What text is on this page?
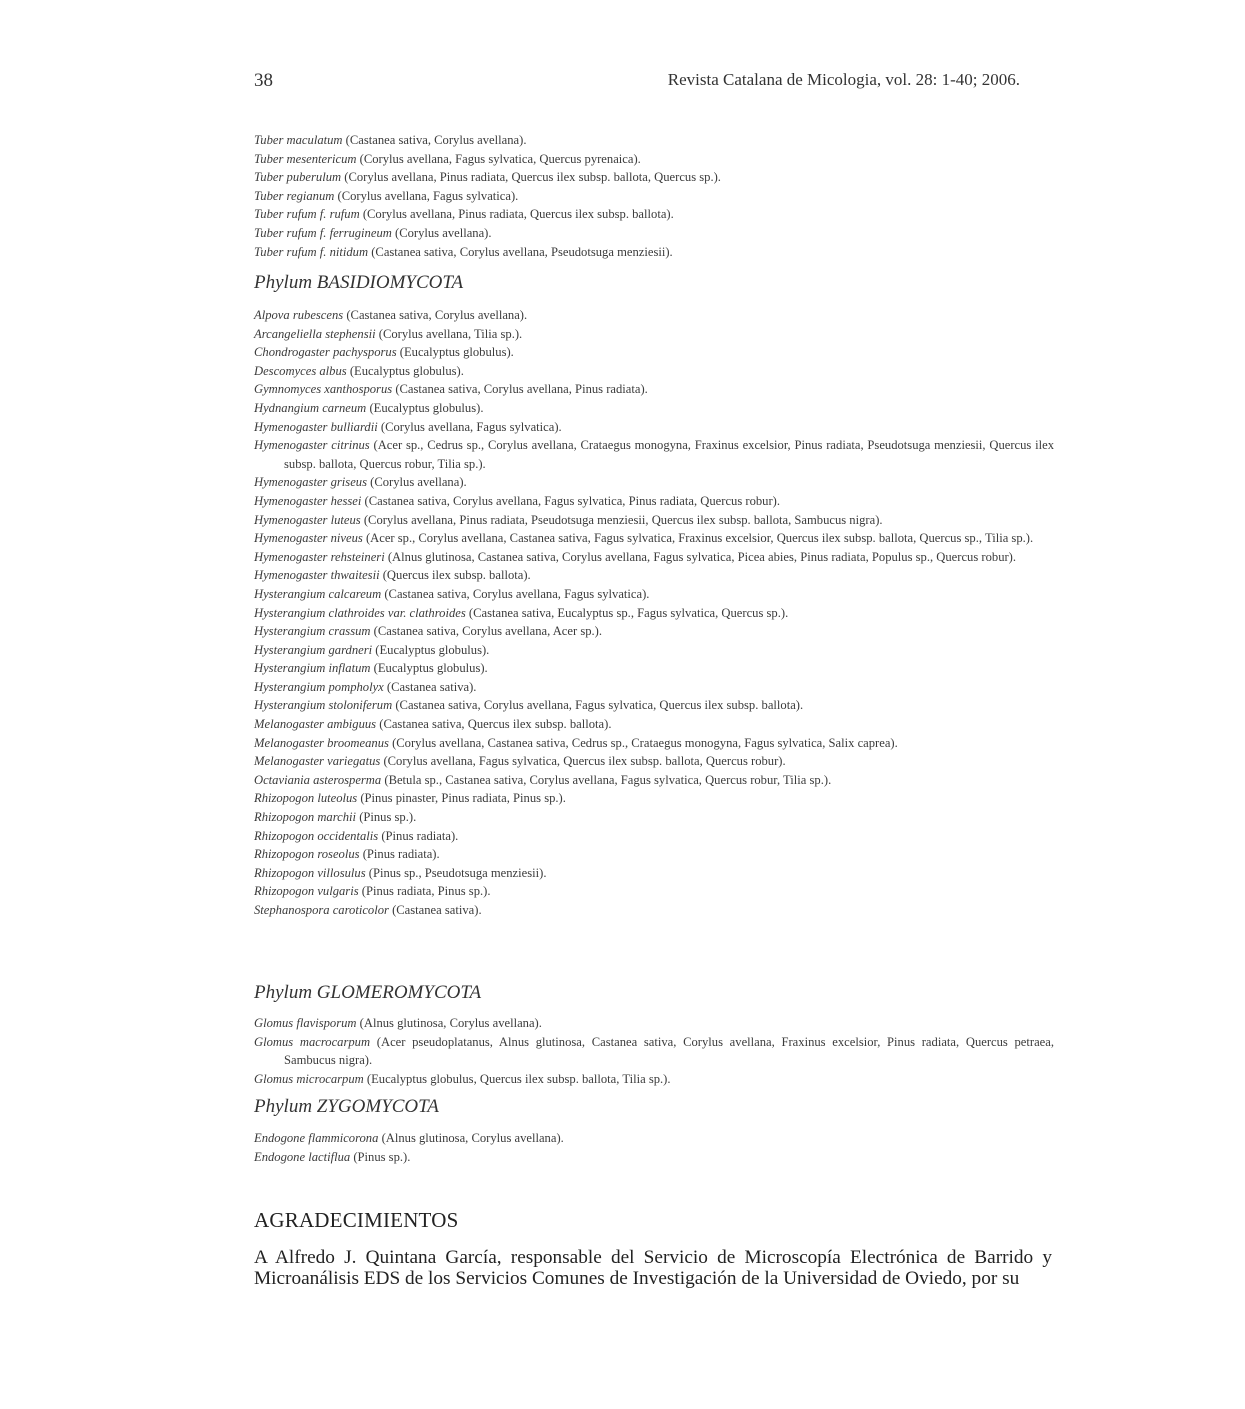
38	Revista Catalana de Micologia, vol. 28: 1-40; 2006.
Tuber maculatum (Castanea sativa, Corylus avellana).
Tuber mesentericum (Corylus avellana, Fagus sylvatica, Quercus pyrenaica).
Tuber puberulum (Corylus avellana, Pinus radiata, Quercus ilex subsp. ballota, Quercus sp.).
Tuber regianum (Corylus avellana, Fagus sylvatica).
Tuber rufum f. rufum (Corylus avellana, Pinus radiata, Quercus ilex subsp. ballota).
Tuber rufum f. ferrugineum (Corylus avellana).
Tuber rufum f. nitidum (Castanea sativa, Corylus avellana, Pseudotsuga menziesii).
Phylum BASIDIOMYCOTA
Alpova rubescens (Castanea sativa, Corylus avellana).
Arcangeliella stephensii (Corylus avellana, Tilia sp.).
Chondrogaster pachysporus (Eucalyptus globulus).
Descomyces albus (Eucalyptus globulus).
Gymnomyces xanthosporus (Castanea sativa, Corylus avellana, Pinus radiata).
Hydnangium carneum (Eucalyptus globulus).
Hymenogaster bulliardii (Corylus avellana, Fagus sylvatica).
Hymenogaster citrinus (Acer sp., Cedrus sp., Corylus avellana, Crataegus monogyna, Fraxinus excelsior, Pinus radiata, Pseudotsuga menziesii, Quercus ilex subsp. ballota, Quercus robur, Tilia sp.).
Hymenogaster griseus (Corylus avellana).
Hymenogaster hessei (Castanea sativa, Corylus avellana, Fagus sylvatica, Pinus radiata, Quercus robur).
Hymenogaster luteus (Corylus avellana, Pinus radiata, Pseudotsuga menziesii, Quercus ilex subsp. ballota, Sambucus nigra).
Hymenogaster niveus (Acer sp., Corylus avellana, Castanea sativa, Fagus sylvatica, Fraxinus excelsior, Quercus ilex subsp. ballota, Quercus sp., Tilia sp.).
Hymenogaster rehsteineri (Alnus glutinosa, Castanea sativa, Corylus avellana, Fagus sylvatica, Picea abies, Pinus radiata, Populus sp., Quercus robur).
Hymenogaster thwaitesii (Quercus ilex subsp. ballota).
Hysterangium calcareum (Castanea sativa, Corylus avellana, Fagus sylvatica).
Hysterangium clathroides var. clathroides (Castanea sativa, Eucalyptus sp., Fagus sylvatica, Quercus sp.).
Hysterangium crassum (Castanea sativa, Corylus avellana, Acer sp.).
Hysterangium gardneri (Eucalyptus globulus).
Hysterangium inflatum (Eucalyptus globulus).
Hysterangium pompholyx (Castanea sativa).
Hysterangium stoloniferum (Castanea sativa, Corylus avellana, Fagus sylvatica, Quercus ilex subsp. ballota).
Melanogaster ambiguus (Castanea sativa, Quercus ilex subsp. ballota).
Melanogaster broomeanus (Corylus avellana, Castanea sativa, Cedrus sp., Crataegus monogyna, Fagus sylvatica, Salix caprea).
Melanogaster variegatus (Corylus avellana, Fagus sylvatica, Quercus ilex subsp. ballota, Quercus robur).
Octaviania asterosperma (Betula sp., Castanea sativa, Corylus avellana, Fagus sylvatica, Quercus robur, Tilia sp.).
Rhizopogon luteolus (Pinus pinaster, Pinus radiata, Pinus sp.).
Rhizopogon marchii (Pinus sp.).
Rhizopogon occidentalis (Pinus radiata).
Rhizopogon roseolus (Pinus radiata).
Rhizopogon villosulus (Pinus sp., Pseudotsuga menziesii).
Rhizopogon vulgaris (Pinus radiata, Pinus sp.).
Stephanospora caroticolor (Castanea sativa).
Phylum GLOMEROMYCOTA
Glomus flavisporum (Alnus glutinosa, Corylus avellana).
Glomus macrocarpum (Acer pseudoplatanus, Alnus glutinosa, Castanea sativa, Corylus avellana, Fraxinus excelsior, Pinus radiata, Quercus petraea, Sambucus nigra).
Glomus microcarpum (Eucalyptus globulus, Quercus ilex subsp. ballota, Tilia sp.).
Phylum ZYGOMYCOTA
Endogone flammicorona (Alnus glutinosa, Corylus avellana).
Endogone lactiflua (Pinus sp.).
AGRADECIMIENTOS

A Alfredo J. Quintana García, responsable del Servicio de Microscopía Electrónica de Barrido y Microanálisis EDS de los Servicios Comunes de Investigación de la Universidad de Oviedo, por su
